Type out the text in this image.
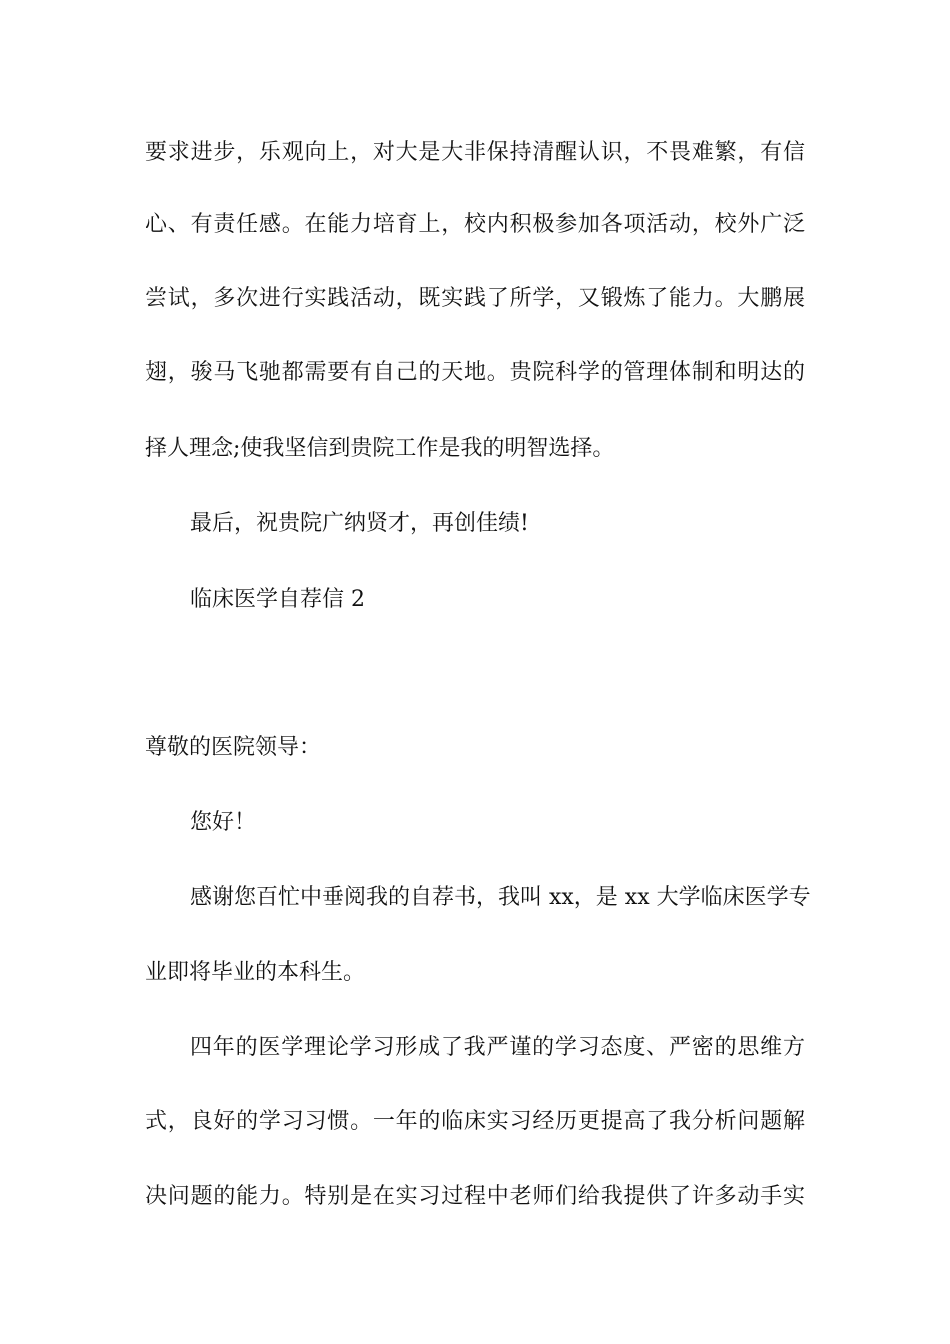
要求进步，乐观向上，对大是大非保持清醒认识，不畏难繁，有信
心、有责任感。在能力培育上，校内积极参加各项活动，校外广泛
尝试，多次进行实践活动，既实践了所学，又锻炼了能力。大鹏展
翅，骏马飞驰都需要有自己的天地。贵院科学的管理体制和明达的
择人理念;使我坚信到贵院工作是我的明智选择。
最后，祝贵院广纳贤才，再创佳绩!
临床医学自荐信 2
尊敬的医院领导：
您好！
感谢您百忙中垂阅我的自荐书，我叫 xx，是 xx 大学临床医学专
业即将毕业的本科生。
四年的医学理论学习形成了我严谨的学习态度、严密的思维方
式，良好的学习习惯。一年的临床实习经历更提高了我分析问题解
决问题的能力。特别是在实习过程中老师们给我提供了许多动手实
